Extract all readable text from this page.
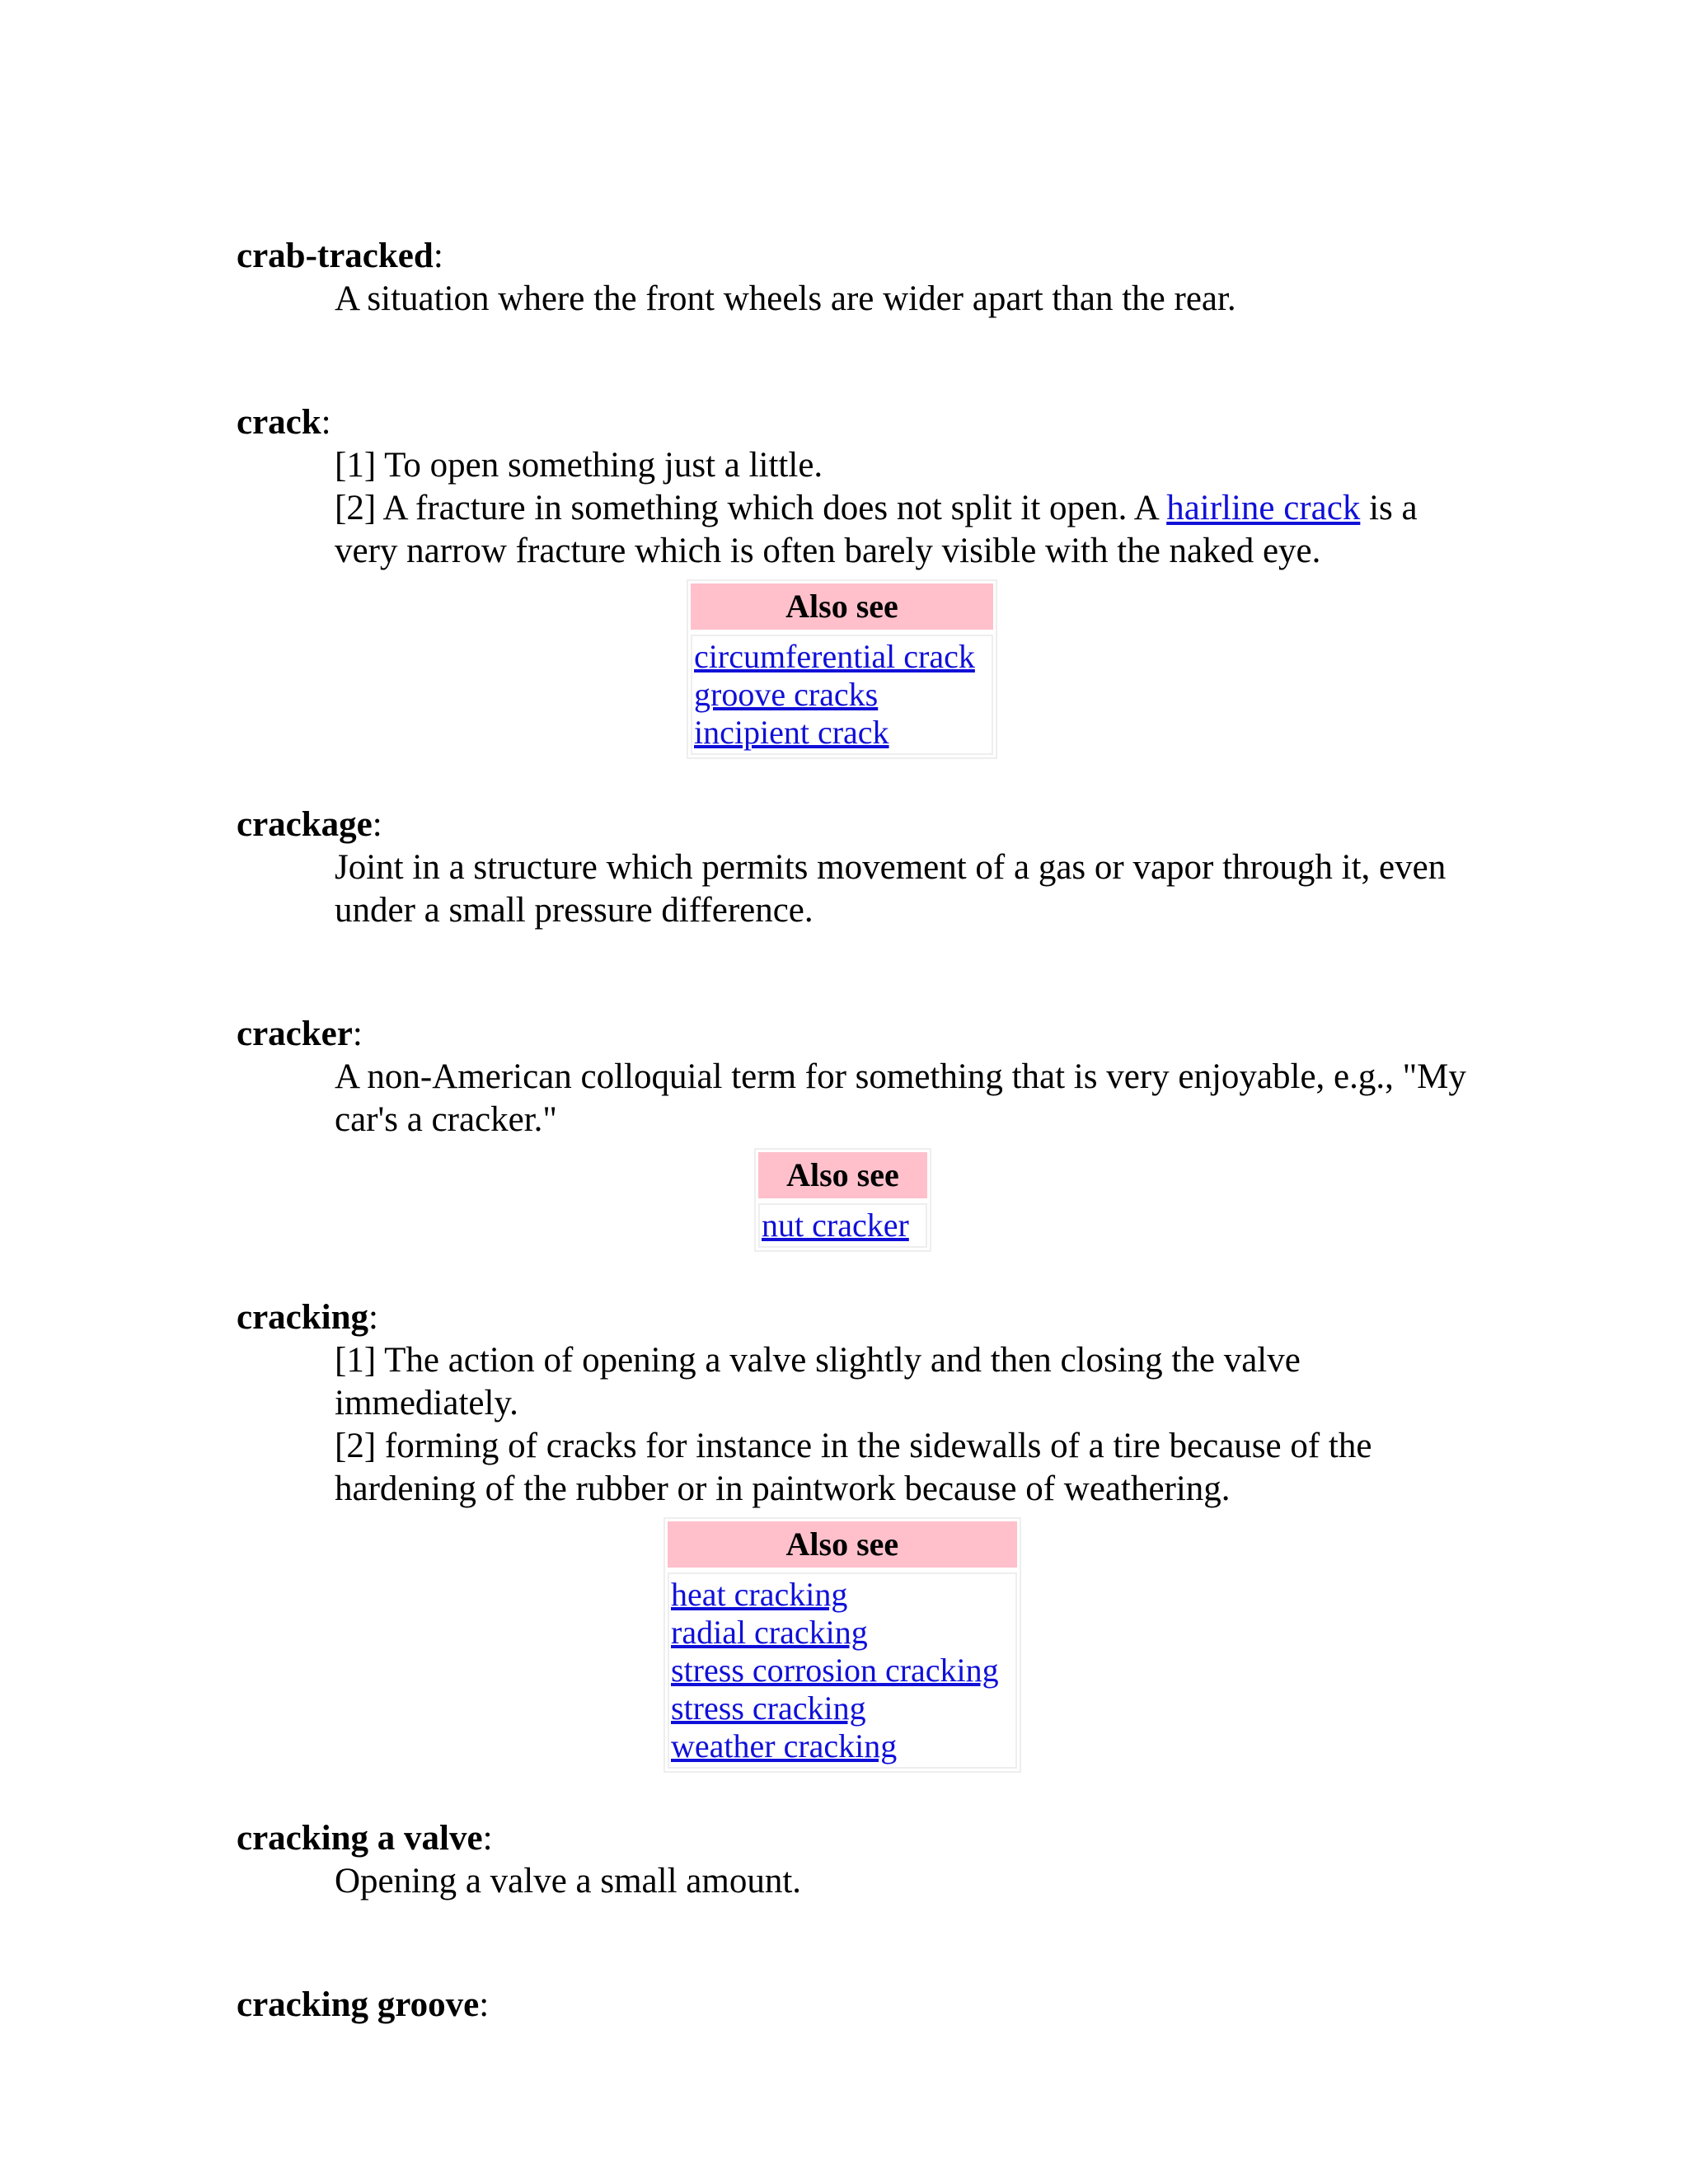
crab-tracked:

A situation where the front wheels are wider apart than the rear.

crack:

[1] To open something just a little.

[2] A fracture in something which does not split it open. A hairline crack is a very narrow fracture which is often barely visible with the naked eye.

Also see
circumferential crack
groove cracks
incipient crack

crackage:

Joint in a structure which permits movement of a gas or vapor through it, even under a small pressure difference.

cracker:

A non-American colloquial term for something that is very enjoyable, e.g., "My car's a cracker."

Also see
nut cracker

cracking:

[1] The action of opening a valve slightly and then closing the valve immediately.

[2] forming of cracks for instance in the sidewalls of a tire because of the hardening of the rubber or in paintwork because of weathering.

Also see
heat cracking
radial cracking
stress corrosion cracking
stress cracking
weather cracking

cracking a valve:

Opening a valve a small amount.

cracking groove:
